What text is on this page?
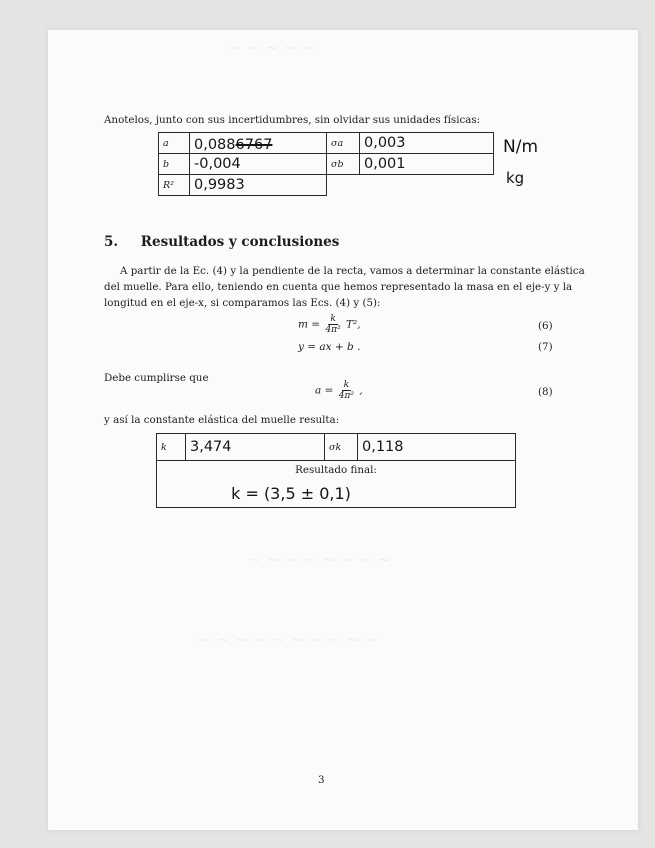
~ ~ ~ ~ ~
~ ~ ~ ~ ~ ~ ~ ~
~ ~ ~ ~ ~ ~ ~ ~ ~ ~
Anotelos, junto con sus incertidumbres, sin olvidar sus unidades físicas:
a	0,0886767	σa	0,003
b	-0,004	σb	0,001
R²	0,9983		
N/m
kg
5. Resultados y conclusiones
A partir de la Ec. (4) y la pendiente de la recta, vamos a determinar la constante elástica
del muelle. Para ello, teniendo en cuenta que hemos representado la masa en el eje-y y la
longitud en el eje-x, si comparamos las Ecs. (4) y (5):
$m = \frac{k}{\text{4π²}} T^2$,	(6)
y = ax + b .	(7)
Debe cumplirse que
$a = \frac{k}{\text{4π²}}$ ,	(8)
y así la constante elástica del muelle resulta:
k	3,474	σk	0,118

Resultado final:
k = (3,5 ± 0,1)
3
